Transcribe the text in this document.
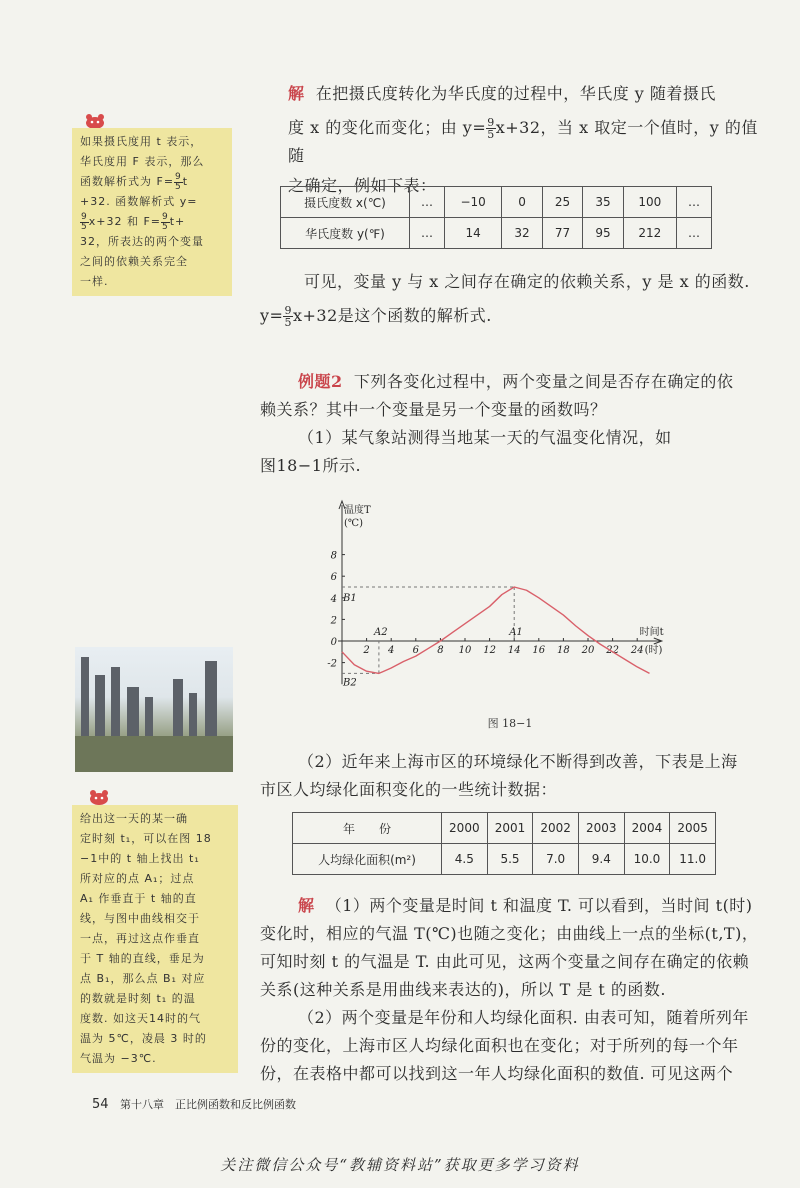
解 在把摄氏度转化为华氏度的过程中，华氏度 y 随着摄氏
度 x 的变化而变化；由 $y= \frac{9}{5} x+32$，当 x 取定一个值时，y 的值随
之确定，例如下表：
摄氏度数 x(℃)	…	−10	0	25	35	100	…
华氏度数 y(℉)	…	14	32	77	95	212	…
可见，变量 y 与 x 之间存在确定的依赖关系，y 是 x 的函数.
$y= \frac{9}{5} x+32$是这个函数的解析式.
例题2 下列各变化过程中，两个变量之间是否存在确定的依
赖关系？其中一个变量是另一个变量的函数吗？
（1）某气象站测得当地某一天的气温变化情况，如
图18−1所示.
温度T
(℃)
时间t
(时)
2 4 6 8 10 12 14 16 18 20 22 24
8
6
4
2
0
-2
B1
B2
A1
A2
图 18−1
（2）近年来上海市区的环境绿化不断得到改善，下表是上海
市区人均绿化面积变化的一些统计数据：
年　　份	2000	2001	2002	2003	2004	2005
人均绿化面积(m²)	4.5	5.5	7.0	9.4	10.0	11.0
解 （1）两个变量是时间 t 和温度 T. 可以看到，当时间 t(时)
变化时，相应的气温 T(℃)也随之变化；由曲线上一点的坐标(t,T)，
可知时刻 t 的气温是 T. 由此可见，这两个变量之间存在确定的依赖
关系(这种关系是用曲线来表达的)，所以 T 是 t 的函数.
（2）两个变量是年份和人均绿化面积. 由表可知，随着所列年
份的变化，上海市区人均绿化面积也在变化；对于所列的每一个年
份，在表格中都可以找到这一年人均绿化面积的数值. 可见这两个
如果摄氏度用 t 表示，
华氏度用 F 表示，那么
函数解析式为 $F= \frac{9}{5}$ t
+32. 函数解析式 y=
$\frac{9}{5} x+32$ 和 $F= \frac{9}{5} t+$
32，所表达的两个变量
之间的依赖关系完全
一样.
给出这一天的某一确
定时刻 t₁，可以在图 18
−1中的 t 轴上找出 t₁
所对应的点 A₁；过点
A₁ 作垂直于 t 轴的直
线，与图中曲线相交于
一点，再过这点作垂直
于 T 轴的直线，垂足为
点 B₁，那么点 B₁ 对应
的数就是时刻 t₁ 的温
度数. 如这天14时的气
温为 5℃，凌晨 3 时的
气温为 −3℃.
54 第十八章　正比例函数和反比例函数
关注微信公众号“教辅资料站”获取更多学习资料
